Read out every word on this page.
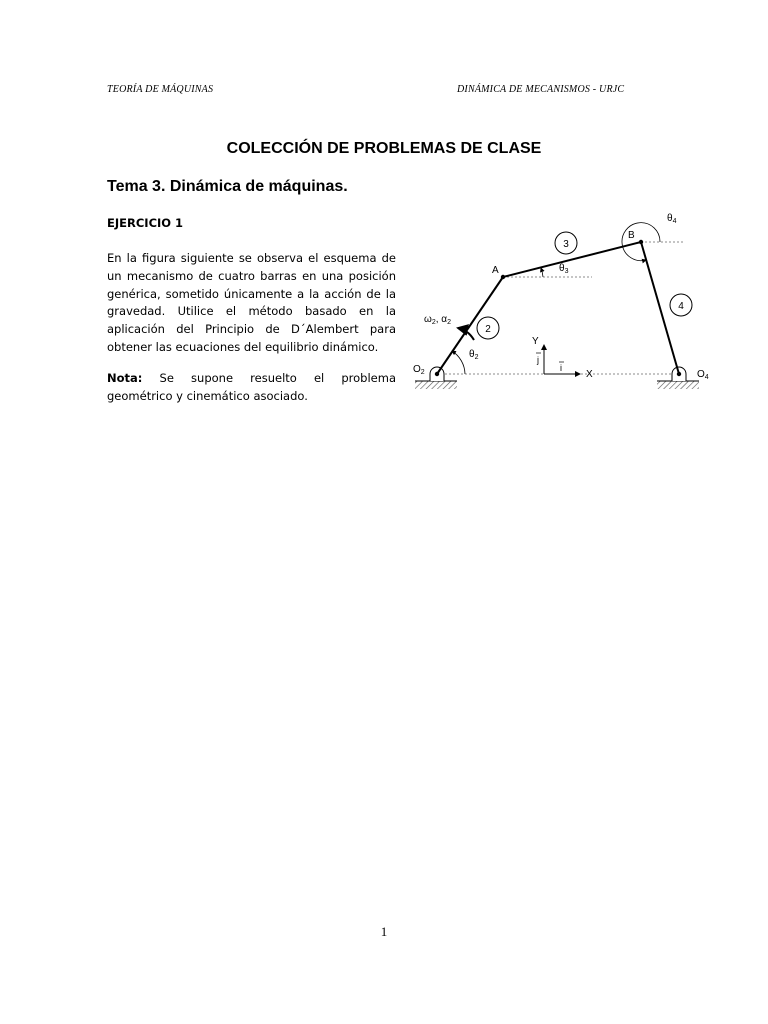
TEORÍA DE MÁQUINAS	DINÁMICA DE MECANISMOS - URJC
COLECCIÓN DE PROBLEMAS DE CLASE
Tema 3. Dinámica de máquinas.
EJERCICIO 1
En la figura siguiente se observa el esquema de un mecanismo de cuatro barras en una posición genérica, sometido únicamente a la acción de la gravedad. Utilice el método basado en la aplicación del Principio de D´Alembert para obtener las ecuaciones del equilibrio dinámico.
Nota: Se supone resuelto el problema geométrico y cinemático asociado.
3
2
4
A
B
$O_2$	$O_4$
$\theta_2$
$\theta_3$
$\theta_4$
$\omega_2$, $\alpha_2$
X
Y
i
j
1
